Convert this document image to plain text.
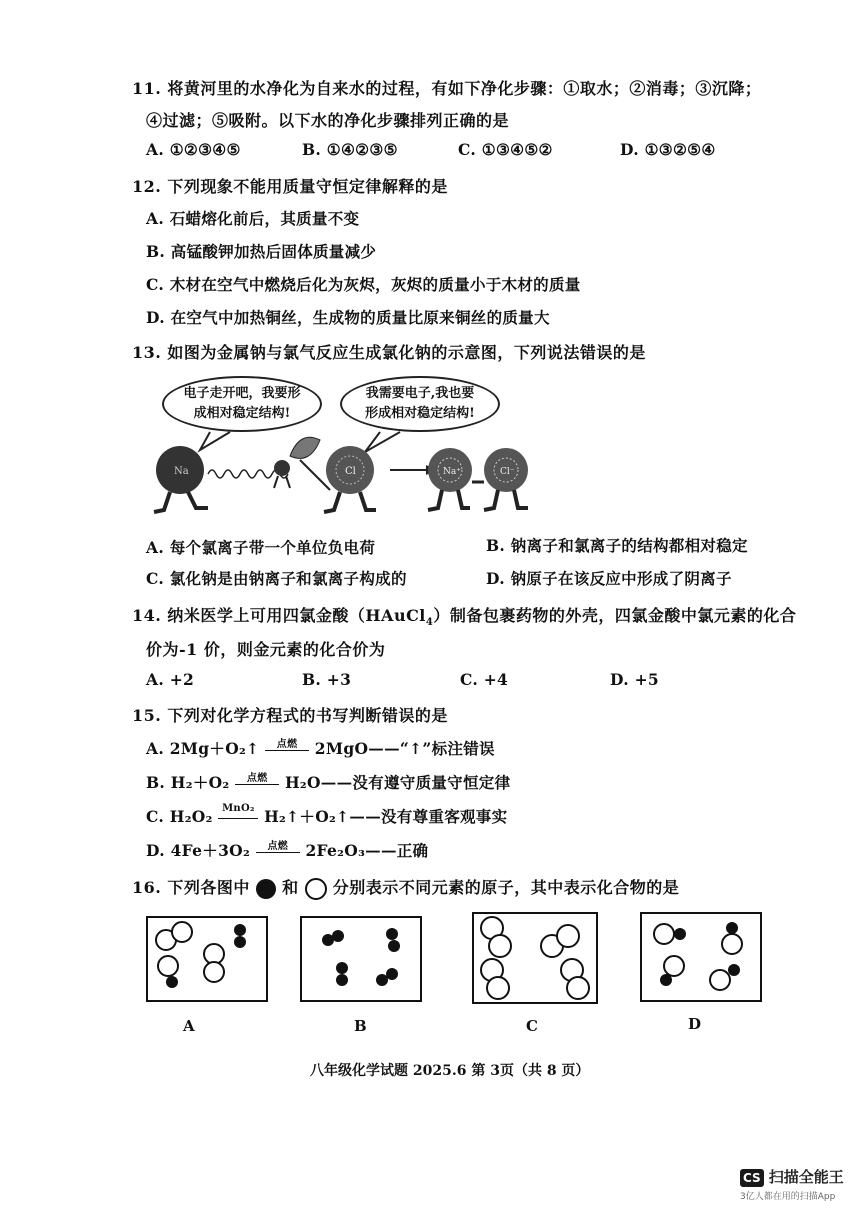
11. 将黄河里的水净化为自来水的过程，有如下净化步骤：①取水；②消毒；③沉降；
④过滤；⑤吸附。以下水的净化步骤排列正确的是
A. ①②③④⑤	B. ①④②③⑤	C. ①③④⑤②	D. ①③②⑤④
12. 下列现象不能用质量守恒定律解释的是
A. 石蜡熔化前后，其质量不变
B. 高锰酸钾加热后固体质量减少
C. 木材在空气中燃烧后化为灰烬，灰烬的质量小于木材的质量
D. 在空气中加热铜丝，生成物的质量比原来铜丝的质量大
13. 如图为金属钠与氯气反应生成氯化钠的示意图，下列说法错误的是
电子走开吧，我要形
成相对稳定结构!
我需要电子,我也要
形成相对稳定结构!
Na	Cl	Na⁺	Cl⁻
A. 每个氯离子带一个单位负电荷	B. 钠离子和氯离子的结构都相对稳定
C. 氯化钠是由钠离子和氯离子构成的	D. 钠原子在该反应中形成了阴离子
14. 纳米医学上可用四氯金酸（HAuCl$_4$）制备包裹药物的外壳，四氯金酸中氯元素的化合
价为-1 价，则金元素的化合价为
A. +2	B. +3	C. +4	D. +5
15. 下列对化学方程式的书写判断错误的是
A. 2Mg＋O₂↑	点燃	2MgO——“↑”标注错误
B. H₂＋O₂	点燃	H₂O——没有遵守质量守恒定律
C. H₂O₂ MnO₂ H₂↑＋O₂↑——没有尊重客观事实
D. 4Fe＋3O₂	点燃	2Fe₂O₃——正确
16. 下列各图中 和 分别表示不同元素的原子，其中表示化合物的是
A	B	C	D
八年级化学试题 2025.6 第 3页（共 8 页）
CS 扫描全能王
3亿人都在用的扫描App
